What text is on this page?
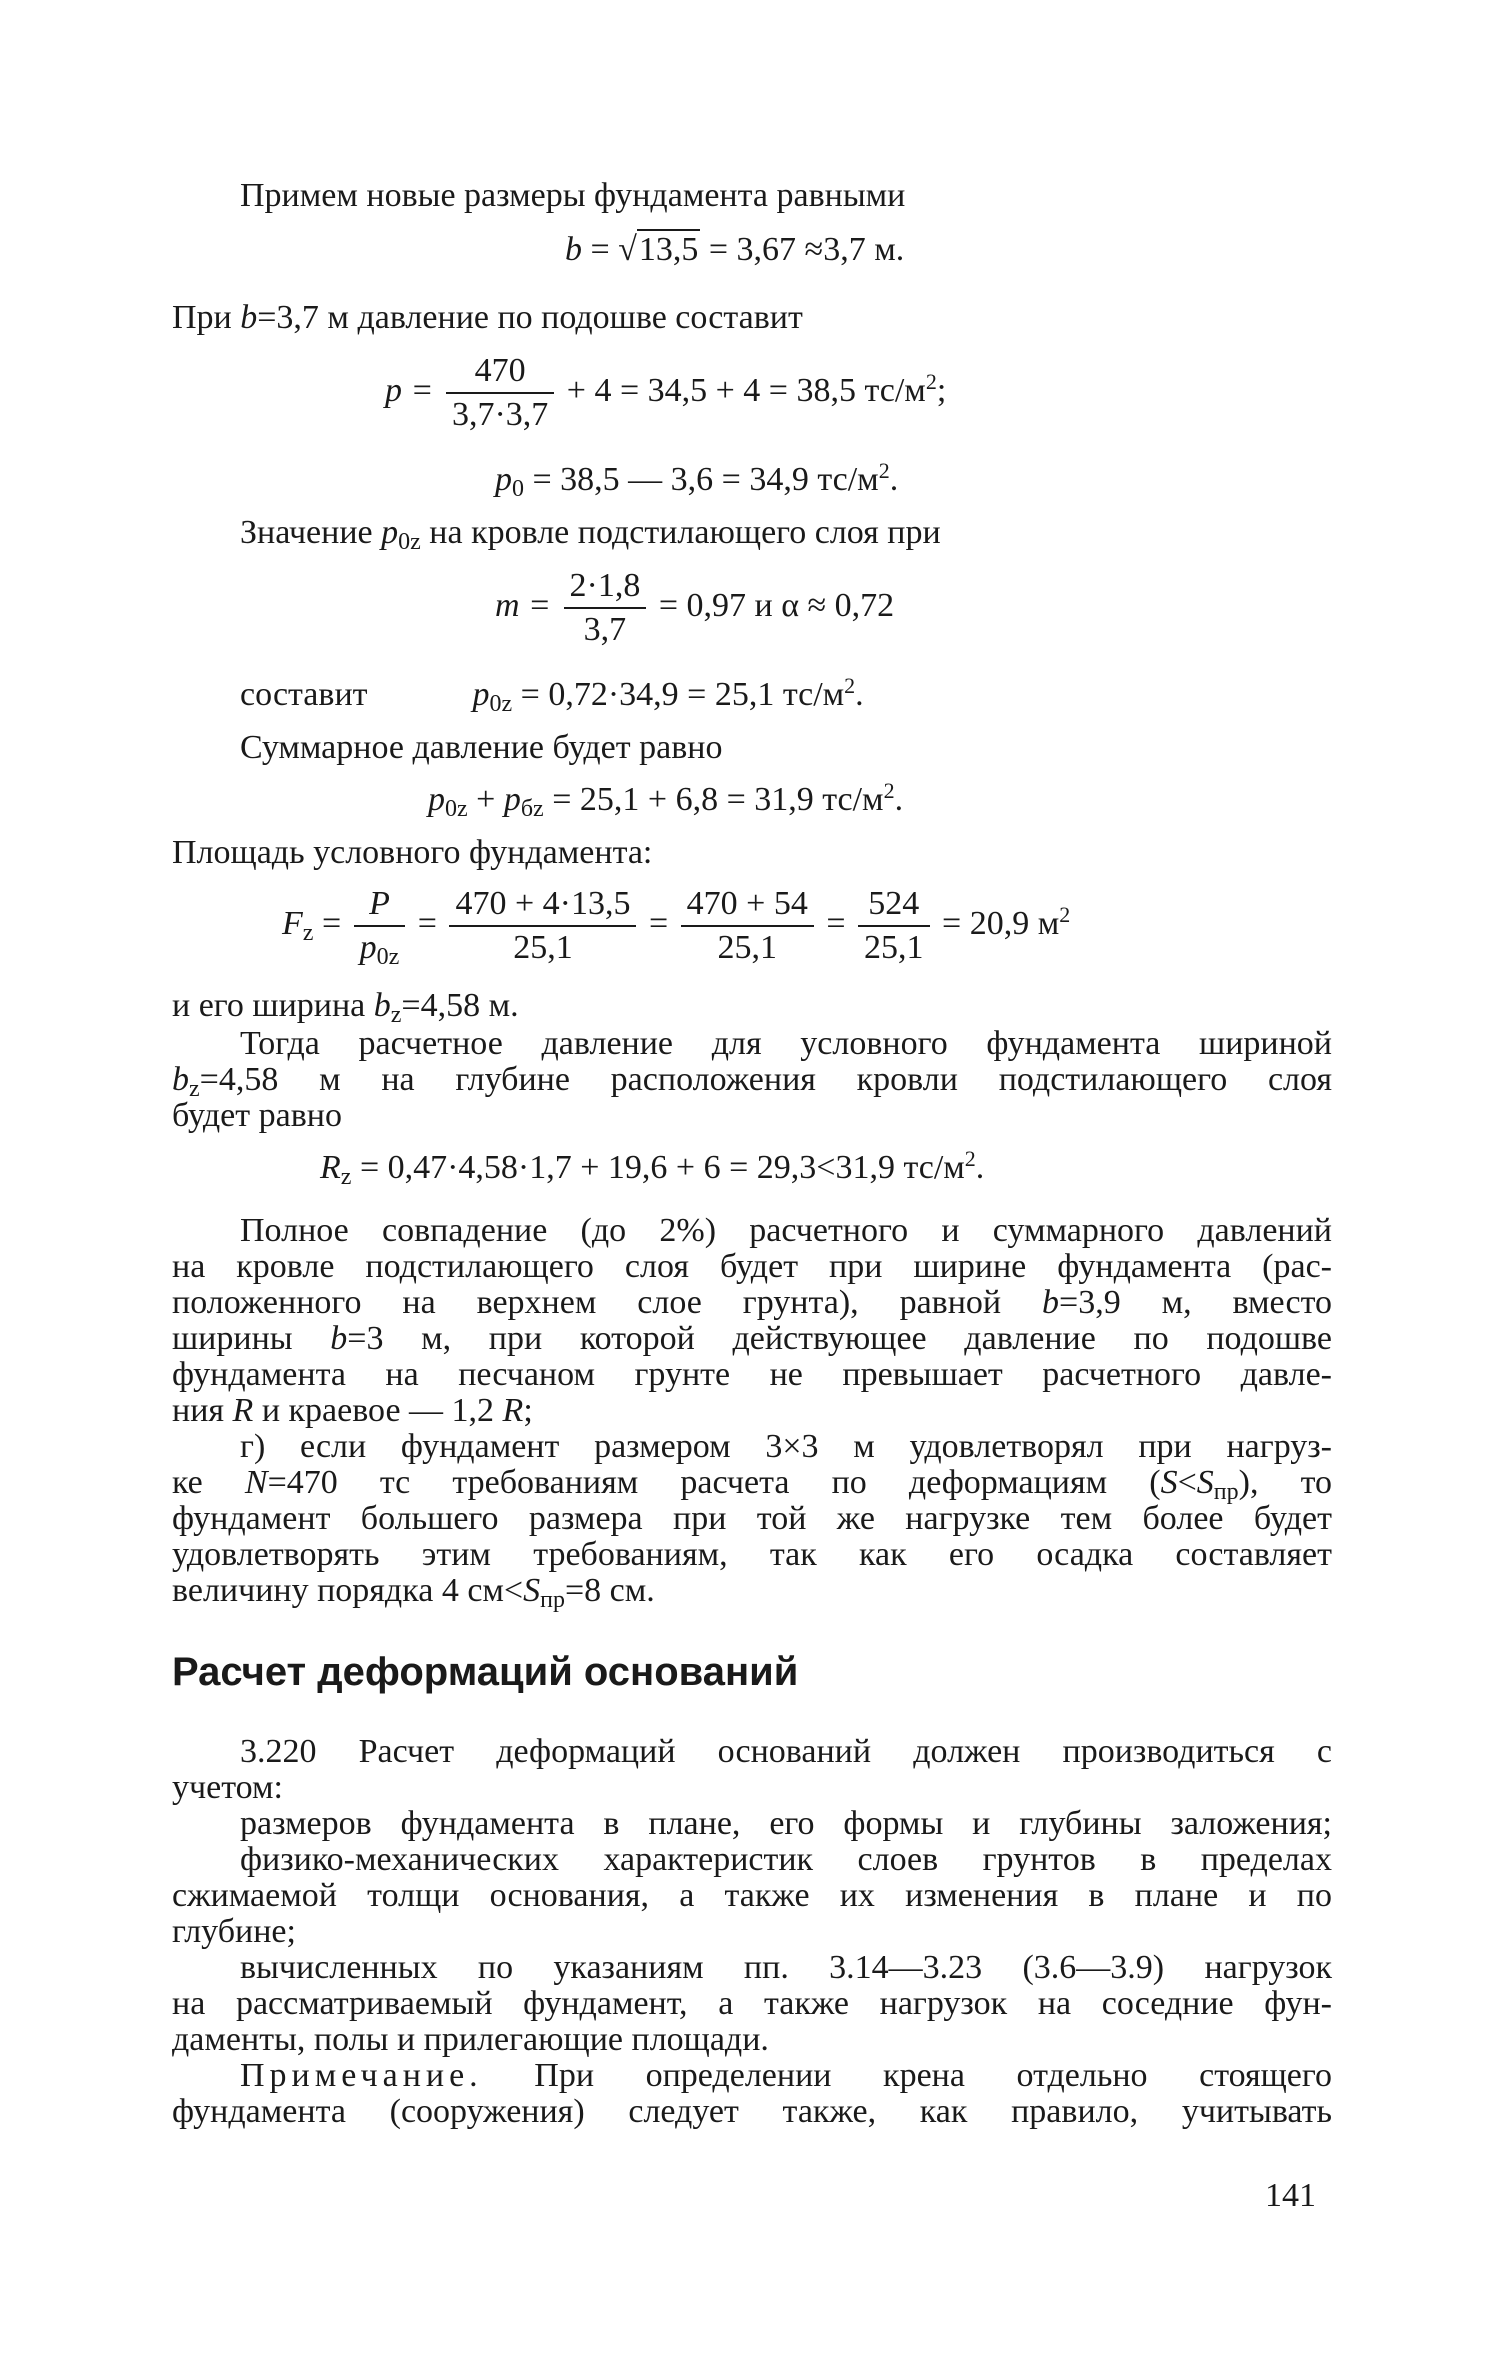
Примем новые размеры фундамента равными
b = √13,5 = 3,67 ≈3,7 м.
При b=3,7 м давление по подошве составит
$p = \frac{470}{3,7\cdot 3,7} + 4 = 34,5 + 4 = 38,5$ $тс/м^2$;
$p_0 = 38,5$ — 3,6 = 34,9 $тс/м^2$.
Значение $p_{0z}$ на кровле подстилающего слоя при
$m = \frac{2\cdot 1,8}{3,7} = 0,97$ и α ≈ 0,72
составит	$p_{0z} = 0,72\cdot 34,9 = 25,1$ $тс/м^2$.
Суммарное давление будет равно
$p_{0z} + p_{бz} = 25,1 + 6,8 = 31,9$ $тс/м^2$.
Площадь условного фундамента:
$F_z = \frac{P}{p_{0z}} = \frac{470 + 4\cdot 13,5}{25,1} = \frac{470 + 54}{25,1} = \frac{524}{25,1} = 20,9$ $м^2$
и его ширина $b_z=4,58$ м.
Тогда расчетное давление для условного фундамента шириной
$b_z=4,58$ м на глубине расположения кровли подстилающего слоя
будет равно
$R_z = 0,47\cdot 4,58\cdot 1,7 + 19,6 + 6 = 29,3<31,9$ $тс/м^2$.
Полное совпадение (до 2%) расчетного и суммарного давлений
на кровле подстилающего слоя будет при ширине фундамента (рас-
положенного на верхнем слое грунта), равной b=3,9 м, вместо
ширины b=3 м, при которой действующее давление по подошве
фундамента на песчаном грунте не превышает расчетного давле-
ния R и краевое — 1,2 R;
г) если фундамент размером 3×3 м удовлетворял при нагруз-
ке N=470 тс требованиям расчета по деформациям $(S<S_{пр})$, то
фундамент большего размера при той же нагрузке тем более будет
удовлетворять этим требованиям, так как его осадка составляет
величину порядка 4 $см<S_{пр}=8$ см.
Расчет деформаций оснований
3.220 Расчет деформаций оснований должен производиться с
учетом:
размеров фундамента в плане, его формы и глубины заложения;
физико-механических характеристик слоев грунтов в пределах
сжимаемой толщи основания, а также их изменения в плане и по
глубине;
вычисленных по указаниям пп. 3.14—3.23 (3.6—3.9) нагрузок
на рассматриваемый фундамент, а также нагрузок на соседние фун-
даменты, полы и прилегающие площади.
Примечание. При определении крена отдельно стоящего
фундамента (сооружения) следует также, как правило, учитывать
141
